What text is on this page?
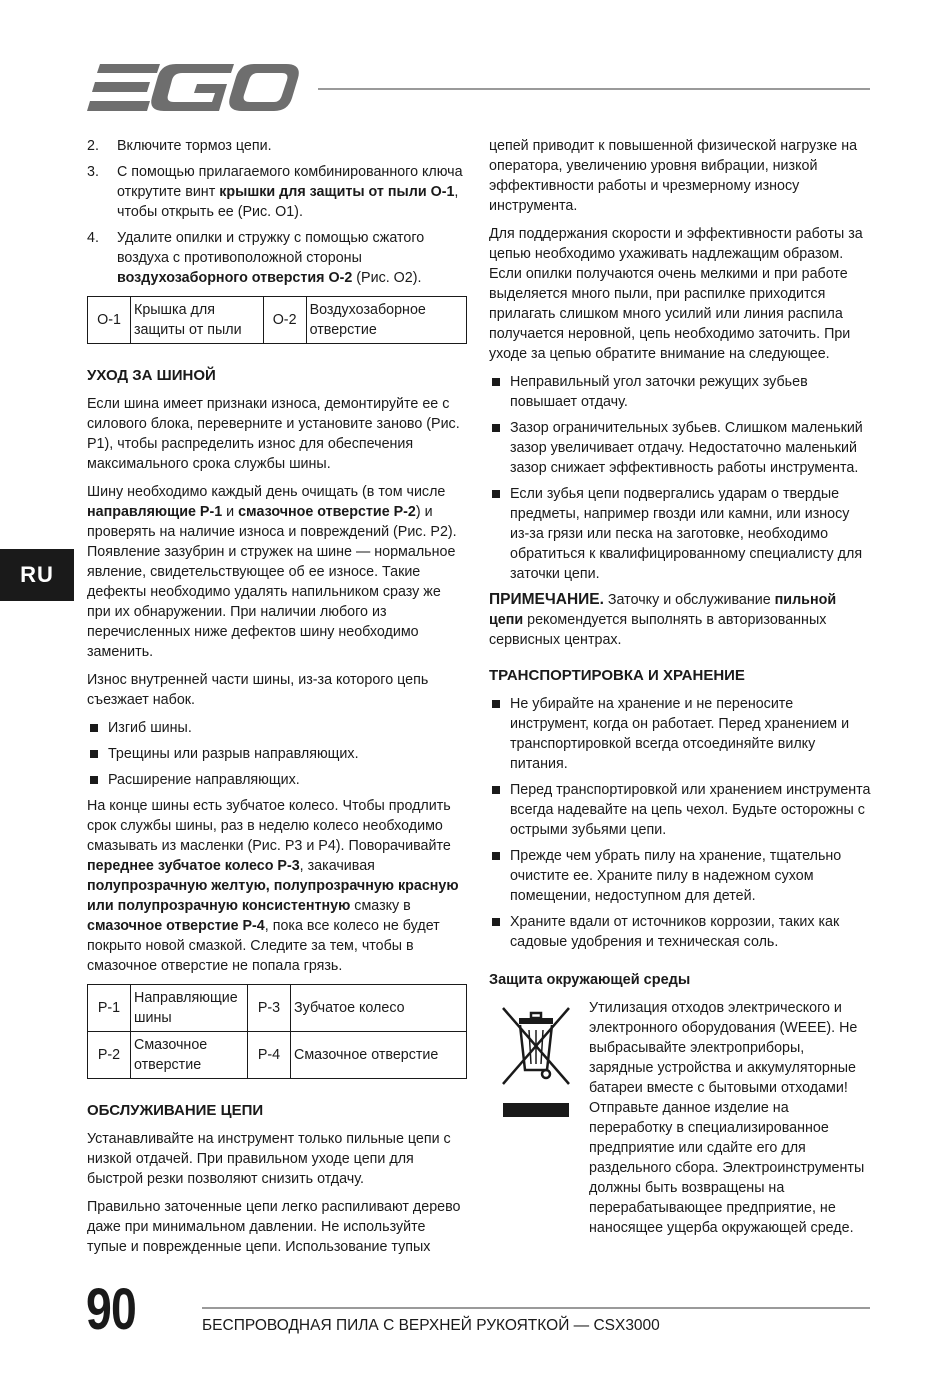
RU
2.	Включите тормоз цепи.
3.	С помощью прилагаемого комбинированного ключа открутите винт крышки для защиты от пыли O-1, чтобы открыть ее (Рис. O1).
4.	Удалите опилки и стружку с помощью сжатого воздуха с противоположной стороны воздухозаборного отверстия O-2 (Рис. O2).
O-1	Крышка для защиты от пыли	O-2	Воздухозаборное отверстие
УХОД ЗА ШИНОЙ

Если шина имеет признаки износа, демонтируйте ее с силового блока, переверните и установите заново (Рис. P1), чтобы распределить износ для обеспечения максимального срока службы шины.

Шину необходимо каждый день очищать (в том числе направляющие P-1 и смазочное отверстие P-2) и проверять на наличие износа и повреждений (Рис. P2). Появление зазубрин и стружек на шине — нормальное явление, свидетельствующее об ее износе. Такие дефекты необходимо удалять напильником сразу же при их обнаружении. При наличии любого из перечисленных ниже дефектов шину необходимо заменить.

Износ внутренней части шины, из-за которого цепь съезжает набок.

Изгиб шины.
Трещины или разрыв направляющих.
Расширение направляющих.

На конце шины есть зубчатое колесо. Чтобы продлить срок службы шины, раз в неделю колесо необходимо смазывать из масленки (Рис. P3 и P4). Поворачивайте переднее зубчатое колесо P-3, закачивая полупрозрачную желтую, полупрозрачную красную или полупрозрачную консистентную смазку в смазочное отверстие P-4, пока все колесо не будет покрыто новой смазкой. Следите за тем, чтобы в смазочное отверстие не попала грязь.

P-1	Направляющие шины	P-3	Зубчатое колесо
P-2	Смазочное отверстие	P-4	Смазочное отверстие
ОБСЛУЖИВАНИЕ ЦЕПИ

Устанавливайте на инструмент только пильные цепи с низкой отдачей. При правильном уходе цепи для быстрой резки позволяют снизить отдачу.

Правильно заточенные цепи легко распиливают дерево даже при минимальном давлении. Не используйте тупые и поврежденные цепи. Использование тупых

цепей приводит к повышенной физической нагрузке на оператора, увеличению уровня вибрации, низкой эффективности работы и чрезмерному износу инструмента.

Для поддержания скорости и эффективности работы за цепью необходимо ухаживать надлежащим образом. Если опилки получаются очень мелкими и при работе выделяется много пыли, при распилке приходится прилагать слишком много усилий или линия распила получается неровной, цепь необходимо заточить. При уходе за цепью обратите внимание на следующее.

Неправильный угол заточки режущих зубьев повышает отдачу.
Зазор ограничительных зубьев. Слишком маленький зазор увеличивает отдачу. Недостаточно маленький зазор снижает эффективность работы инструмента.
Если зубья цепи подвергались ударам о твердые предметы, например гвозди или камни, или износу из-за грязи или песка на заготовке, необходимо обратиться к квалифицированному специалисту для заточки цепи.

ПРИМЕЧАНИЕ. Заточку и обслуживание пильной цепи рекомендуется выполнять в авторизованных сервисных центрах.

ТРАНСПОРТИРОВКА И ХРАНЕНИЕ
Не убирайте на хранение и не переносите инструмент, когда он работает. Перед хранением и транспортировкой всегда отсоединяйте вилку питания.
Перед транспортировкой или хранением инструмента всегда надевайте на цепь чехол. Будьте осторожны с острыми зубьями цепи.
Прежде чем убрать пилу на хранение, тщательно очистите ее. Храните пилу в надежном сухом помещении, недоступном для детей.
Храните вдали от источников коррозии, таких как садовые удобрения и техническая соль.
Защита окружающей среды
Утилизация отходов электрического и электронного оборудования (WEEE). Не выбрасывайте электроприборы, зарядные устройства и аккумуляторные батареи вместе с бытовыми отходами! Отправьте данное изделие на переработку в специализированное предприятие или сдайте его для раздельного сбора. Электроинструменты должны быть возвращены на перерабатывающее предприятие, не наносящее ущерба окружающей среде.
90	БЕСПРОВОДНАЯ ПИЛА С ВЕРХНЕЙ РУКОЯТКОЙ — CSX3000
